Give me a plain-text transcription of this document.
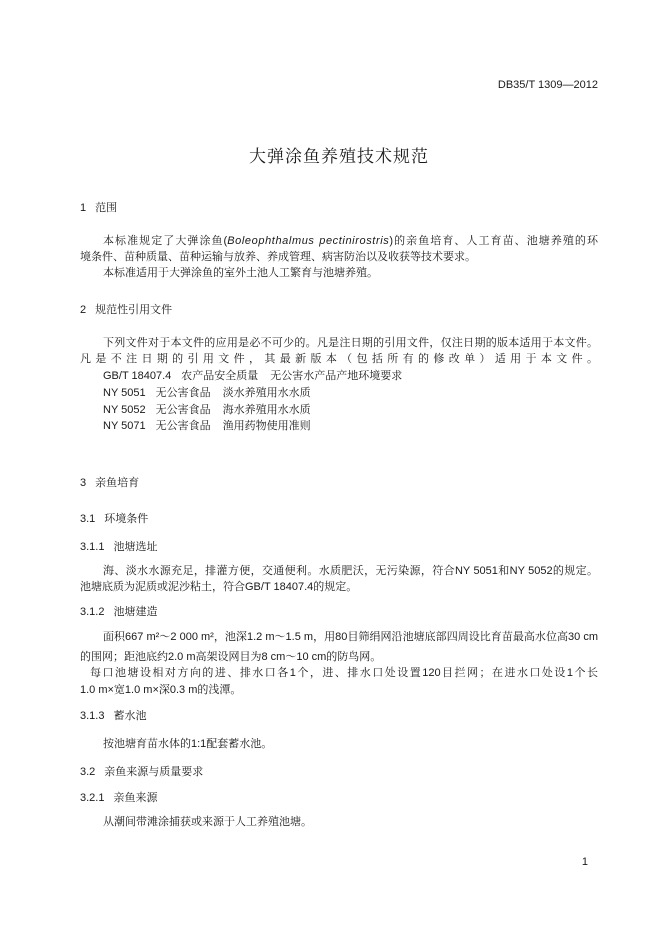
DB35/T 1309—2012
大弹涂鱼养殖技术规范
1 范围
本标准规定了大弹涂鱼(Boleophthalmus pectinirostris)的亲鱼培育、人工育苗、池塘养殖的环
境条件、苗种质量、苗种运输与放养、养成管理、病害防治以及收获等技术要求。
本标准适用于大弹涂鱼的室外土池人工繁育与池塘养殖。
2 规范性引用文件
下列文件对于本文件的应用是必不可少的。凡是注日期的引用文件，仅注日期的版本适用于本文件。
凡是不注日期的引用文件，其最新版本（包括所有的修改单）适用于本文件。
GB/T 18407.4 农产品安全质量 无公害水产品产地环境要求
NY 5051 无公害食品 淡水养殖用水水质
NY 5052 无公害食品 海水养殖用水水质
NY 5071 无公害食品 渔用药物使用准则
3 亲鱼培育
3.1 环境条件
3.1.1 池塘选址
海、淡水水源充足，排灌方便，交通便利。水质肥沃，无污染源，符合NY 5051和NY 5052的规定。
池塘底质为泥质或泥沙粘土，符合GB/T 18407.4的规定。
3.1.2 池塘建造
面积667 m²～2 000 m²，池深1.2 m～1.5 m，用80目筛绢网沿池塘底部四周设比育苗最高水位高30 cm
的围网；距池底约2.0 m高架设网目为8 cm～10 cm的防鸟网。
每口池塘设相对方向的进、排水口各1个，进、排水口处设置120目拦网；在进水口处设1个长
1.0 m×宽1.0 m×深0.3 m的浅潭。
3.1.3 蓄水池
按池塘育苗水体的1:1配套蓄水池。
3.2 亲鱼来源与质量要求
3.2.1 亲鱼来源
从潮间带滩涂捕获或来源于人工养殖池塘。
1
